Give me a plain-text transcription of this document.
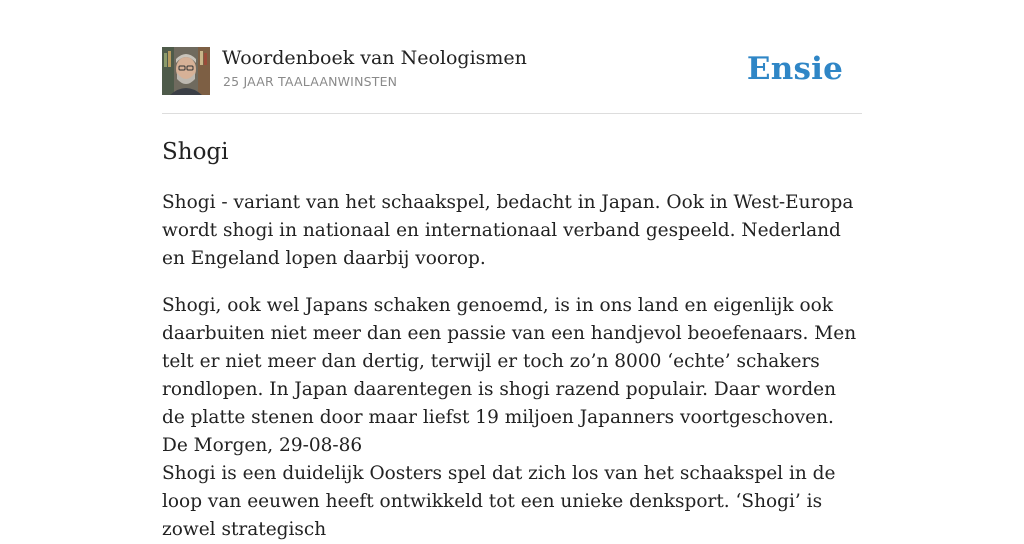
Woordenboek van Neologismen
25 JAAR TAALAANWINSTEN	Ensie
Shogi

Shogi - variant van het schaakspel, bedacht in Japan. Ook in West-Europa wordt shogi in nationaal en internationaal verband gespeeld. Nederland en Engeland lopen daarbij voorop.

Shogi, ook wel Japans schaken genoemd, is in ons land en eigenlijk ook daarbuiten niet meer dan een passie van een handjevol beoefenaars. Men telt er niet meer dan dertig, terwijl er toch zo’n 8000 ‘echte’ schakers rondlopen. In Japan daarentegen is shogi razend populair. Daar worden de platte stenen door maar liefst 19 miljoen Japanners voortgeschoven. De Morgen, 29-08-86

Shogi is een duidelijk Oosters spel dat zich los van het schaakspel in de loop van eeuwen heeft ontwikkeld tot een unieke denksport. ‘Shogi’ is zowel strategisch
